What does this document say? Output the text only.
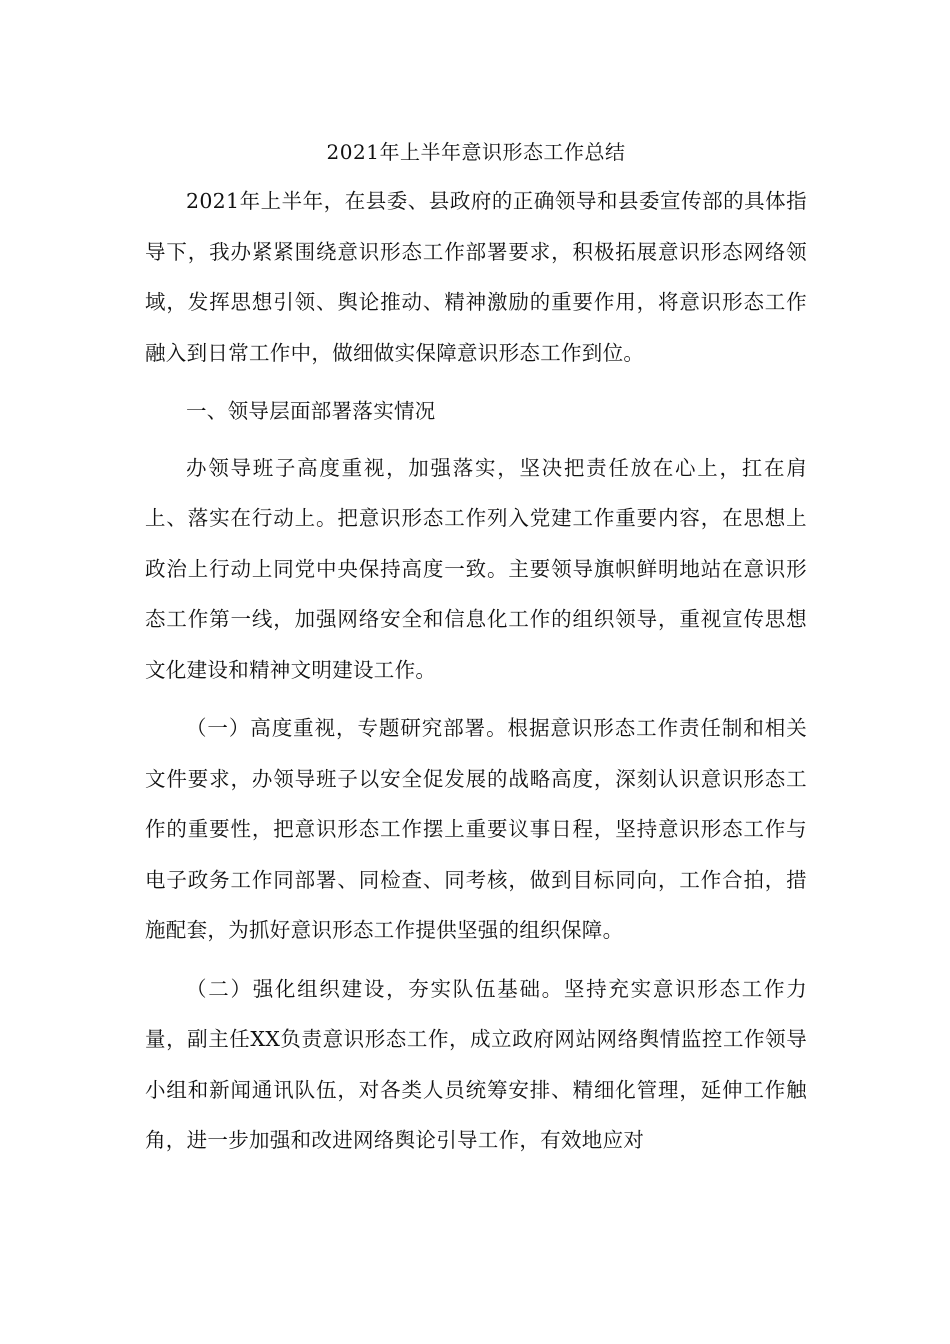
2021年上半年意识形态工作总结

2021年上半年，在县委、县政府的正确领导和县委宣传部的具体指导下，我办紧紧围绕意识形态工作部署要求，积极拓展意识形态网络领域，发挥思想引领、舆论推动、精神激励的重要作用，将意识形态工作融入到日常工作中，做细做实保障意识形态工作到位。

一、领导层面部署落实情况

办领导班子高度重视，加强落实，坚决把责任放在心上，扛在肩上、落实在行动上。把意识形态工作列入党建工作重要内容，在思想上政治上行动上同党中央保持高度一致。主要领导旗帜鲜明地站在意识形态工作第一线，加强网络安全和信息化工作的组织领导，重视宣传思想文化建设和精神文明建设工作。

（一）高度重视，专题研究部署。根据意识形态工作责任制和相关文件要求，办领导班子以安全促发展的战略高度，深刻认识意识形态工作的重要性，把意识形态工作摆上重要议事日程，坚持意识形态工作与电子政务工作同部署、同检查、同考核，做到目标同向，工作合拍，措施配套，为抓好意识形态工作提供坚强的组织保障。

（二）强化组织建设，夯实队伍基础。坚持充实意识形态工作力量，副主任XX负责意识形态工作，成立政府网站网络舆情监控工作领导小组和新闻通讯队伍，对各类人员统筹安排、精细化管理，延伸工作触角，进一步加强和改进网络舆论引导工作，有效地应对
